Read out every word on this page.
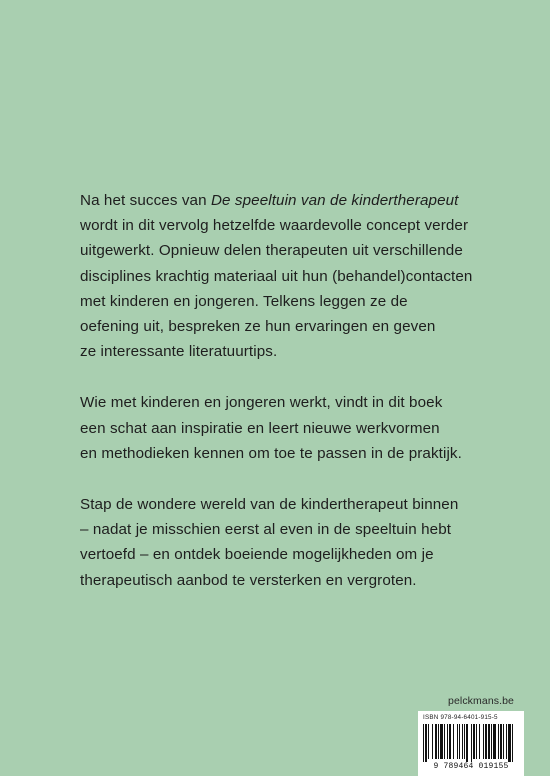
Na het succes van De speeltuin van de kindertherapeut
wordt in dit vervolg hetzelfde waardevolle concept verder
uitgewerkt. Opnieuw delen therapeuten uit verschillende
disciplines krachtig materiaal uit hun (behandel)contacten
met kinderen en jongeren. Telkens leggen ze de
oefening uit, bespreken ze hun ervaringen en geven
ze interessante literatuurtips.

Wie met kinderen en jongeren werkt, vindt in dit boek
een schat aan inspiratie en leert nieuwe werkvormen
en methodieken kennen om toe te passen in de praktijk.

Stap de wondere wereld van de kindertherapeut binnen
– nadat je misschien eerst al even in de speeltuin hebt
vertoefd – en ontdek boeiende mogelijkheden om je
therapeutisch aanbod te versterken en vergroten.

pelckmans.be
ISBN 978-94-6401-915-5
9 789464 019155
